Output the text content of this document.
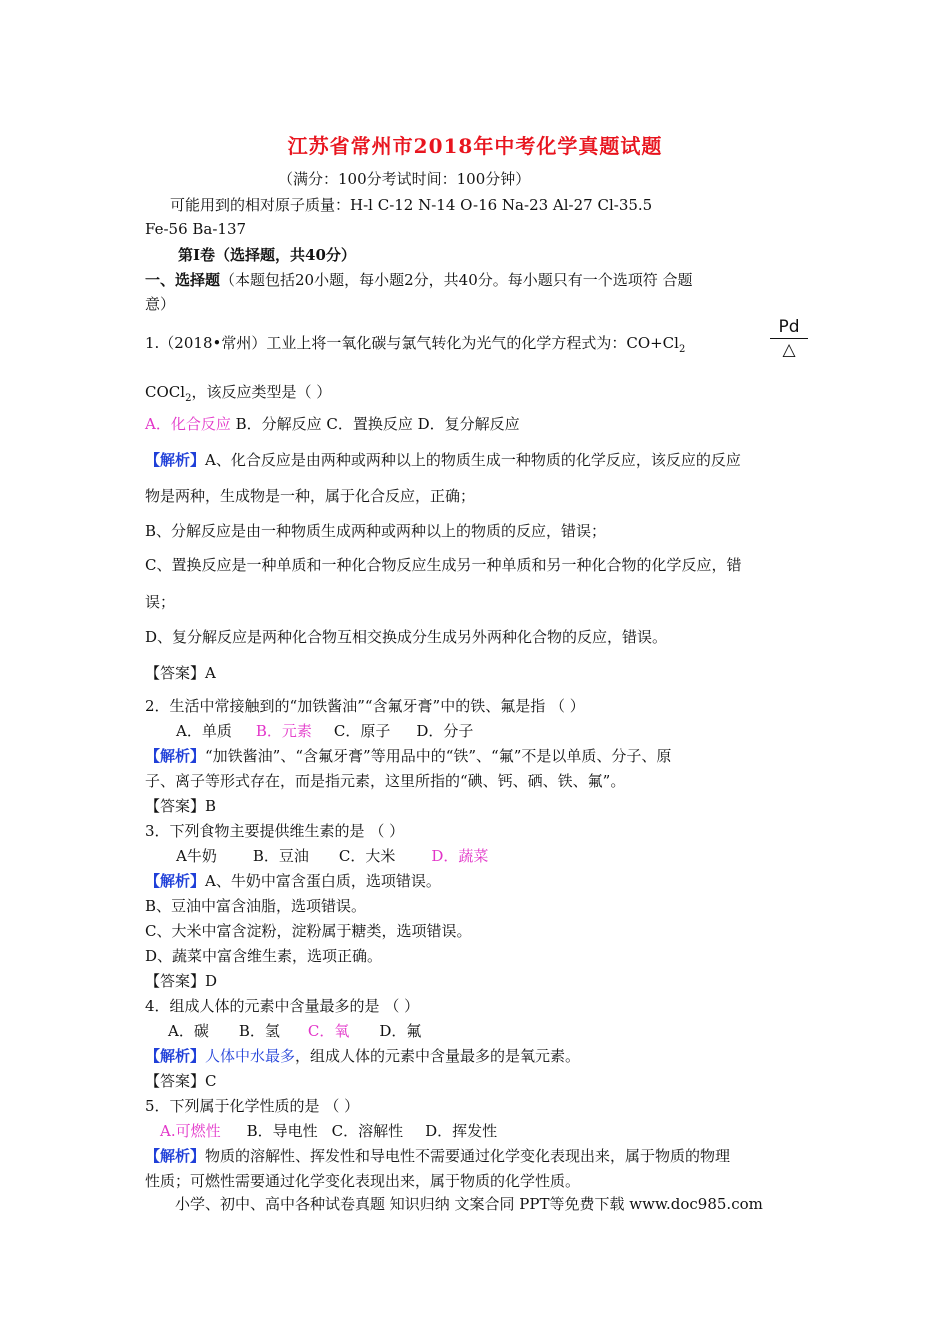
江苏省常州市2018年中考化学真题试题
（满分：100分考试时间：100分钟）
可能用到的相对原子质量：H-l C-12 N-14 O-16 Na-23 Al-27 Cl-35.5
Fe-56 Ba-137
第Ⅰ卷（选择题，共40分）
一、选择题（本题包括20小题，每小题2分，共40分。每小题只有一个选项符 合题
意）
1.（2018•常州）工业上将一氧化碳与氯气转化为光气的化学方程式为：$CO+Cl_2$
Pd
△
COCl$_2$，该反应类型是（ ）
A．化合反应 B．分解反应 C．置换反应 D．复分解反应
【解析】A、化合反应是由两种或两种以上的物质生成一种物质的化学反应，该反应的反应
物是两种，生成物是一种，属于化合反应，正确；
B、分解反应是由一种物质生成两种或两种以上的物质的反应，错误；
C、置换反应是一种单质和一种化合物反应生成另一种单质和另一种化合物的化学反应，错
误；
D、复分解反应是两种化合物互相交换成分生成另外两种化合物的反应，错误。
【答案】A
2．生活中常接触到的“加铁酱油”“含氟牙膏”中的铁、氟是指 （ ）
A．单质 B．元素 C．原子 D．分子
【解析】“加铁酱油”、“含氟牙膏”等用品中的“铁”、“氟”不是以单质、分子、原
子、离子等形式存在，而是指元素，这里所指的“碘、钙、硒、铁、氟”。
【答案】B
3．下列食物主要提供维生素的是 （ ）
A牛奶 B．豆油 C．大米 D．蔬菜
【解析】A、牛奶中富含蛋白质，选项错误。
B、豆油中富含油脂，选项错误。
C、大米中富含淀粉，淀粉属于糖类，选项错误。
D、蔬菜中富含维生素，选项正确。
【答案】D
4．组成人体的元素中含量最多的是 （ ）
A．碳 B．氢 C．氧 D．氟
【解析】人体中水最多，组成人体的元素中含量最多的是氧元素。
【答案】C
5．下列属于化学性质的是 （ ）
A.可燃性 B．导电性 C．溶解性 D．挥发性
【解析】物质的溶解性、挥发性和导电性不需要通过化学变化表现出来，属于物质的物理
性质；可燃性需要通过化学变化表现出来，属于物质的化学性质。
小学、初中、高中各种试卷真题 知识归纳 文案合同 PPT等免费下载 www.doc985.com
